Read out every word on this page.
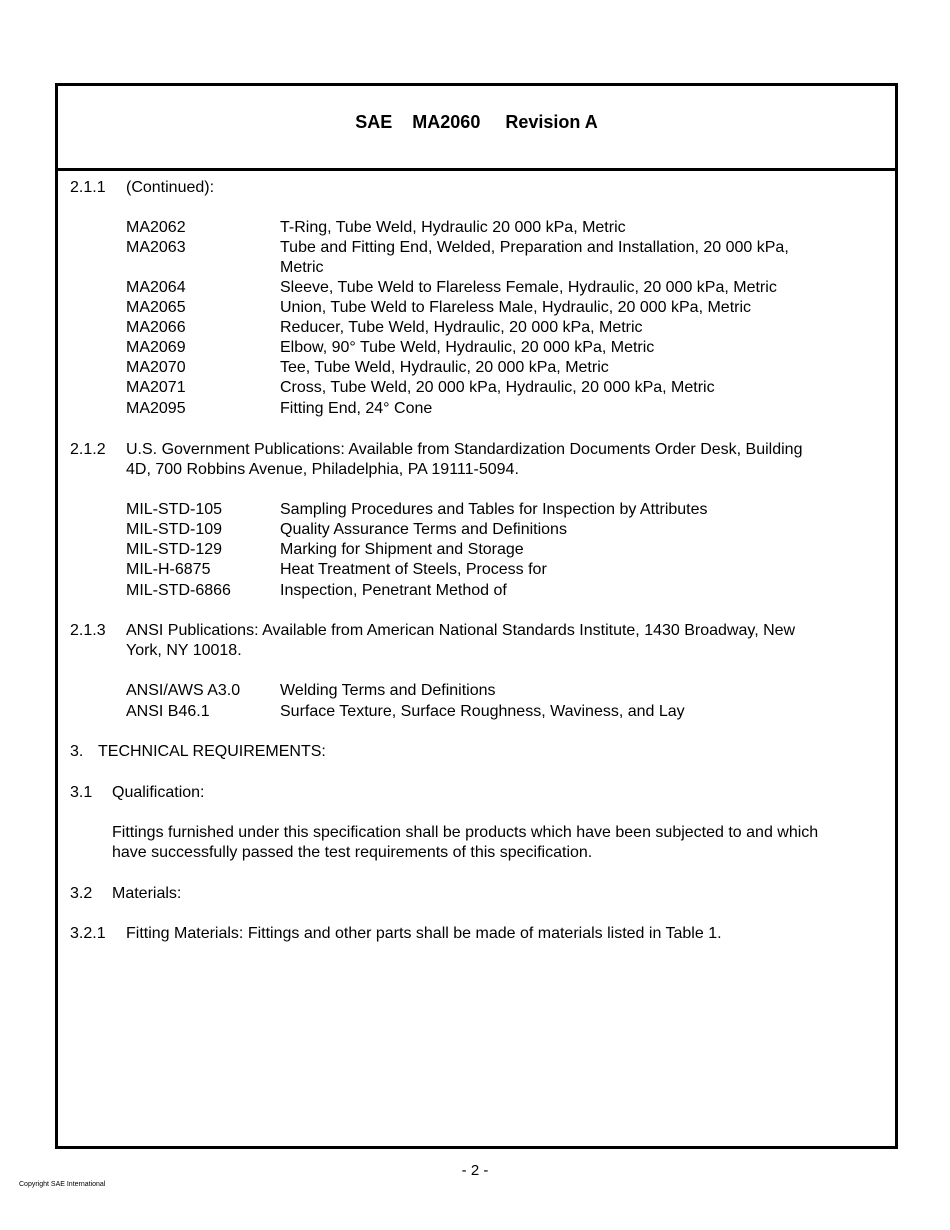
SAE    MA2060     Revision A
2.1.1 (Continued):
MA2062	T-Ring, Tube Weld, Hydraulic 20 000 kPa, Metric
MA2063	Tube and Fitting End, Welded, Preparation and Installation, 20 000 kPa,
Metric
MA2064	Sleeve, Tube Weld to Flareless Female, Hydraulic, 20 000 kPa, Metric
MA2065	Union, Tube Weld to Flareless Male, Hydraulic, 20 000 kPa, Metric
MA2066	Reducer, Tube Weld, Hydraulic, 20 000 kPa, Metric
MA2069	Elbow, 90° Tube Weld, Hydraulic, 20 000 kPa, Metric
MA2070	Tee, Tube Weld, Hydraulic, 20 000 kPa, Metric
MA2071	Cross, Tube Weld, 20 000 kPa, Hydraulic, 20 000 kPa, Metric
MA2095	Fitting End, 24° Cone
2.1.2 U.S. Government Publications: Available from Standardization Documents Order Desk, Building
4D, 700 Robbins Avenue, Philadelphia, PA 19111-5094.
MIL-STD-105	Sampling Procedures and Tables for Inspection by Attributes
MIL-STD-109	Quality Assurance Terms and Definitions
MIL-STD-129	Marking for Shipment and Storage
MIL-H-6875	Heat Treatment of Steels, Process for
MIL-STD-6866	Inspection, Penetrant Method of
2.1.3 ANSI Publications: Available from American National Standards Institute, 1430 Broadway, New
York, NY 10018.
ANSI/AWS A3.0 Welding Terms and Definitions
ANSI B46.1	Surface Texture, Surface Roughness, Waviness, and Lay
3. TECHNICAL REQUIREMENTS:
3.1 Qualification:
Fittings furnished under this specification shall be products which have been subjected to and which
have successfully passed the test requirements of this specification.
3.2 Materials:
3.2.1 Fitting Materials: Fittings and other parts shall be made of materials listed in Table 1.
- 2 -
Copyright SAE International
